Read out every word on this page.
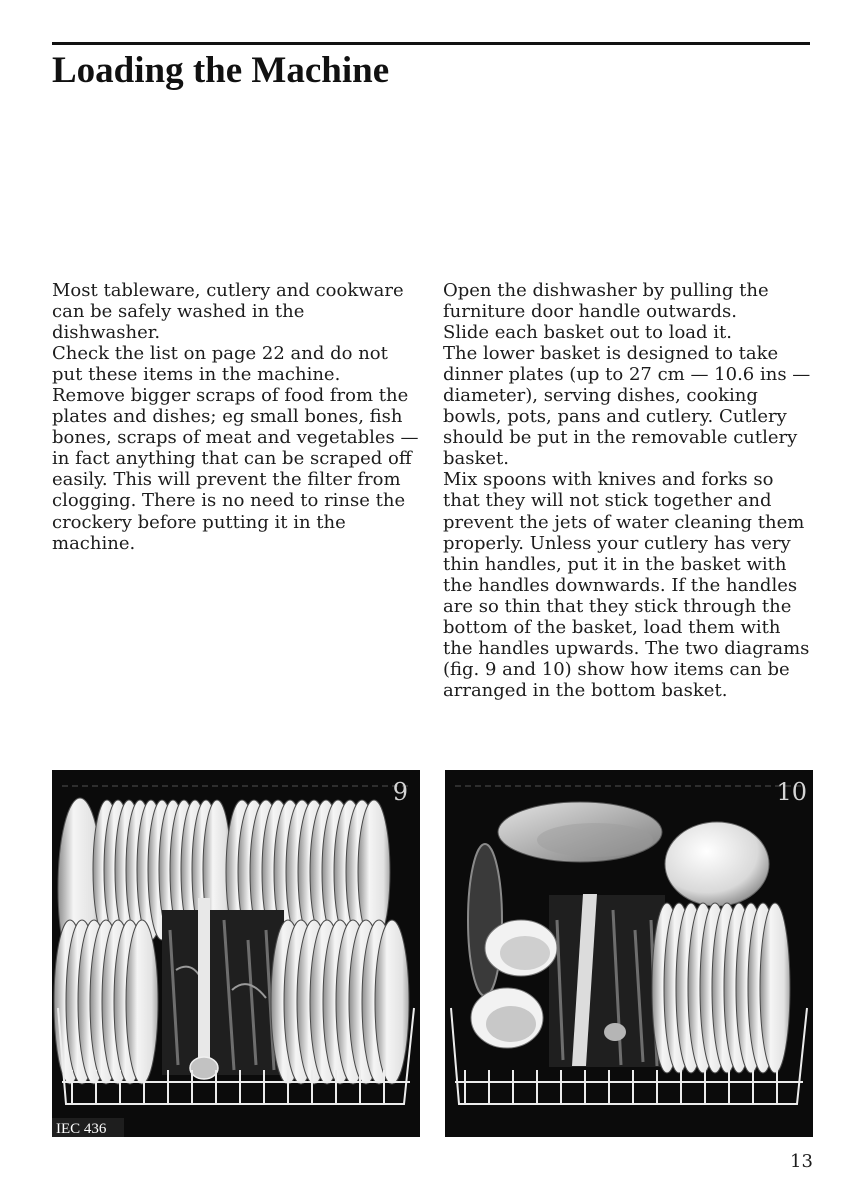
Loading the Machine
Most tableware, cutlery and cookware
can be safely washed in the
dishwasher.
Check the list on page 22 and do not
put these items in the machine.
Remove bigger scraps of food from the
plates and dishes; eg small bones, fish
bones, scraps of meat and vegetables —
in fact anything that can be scraped off
easily. This will prevent the filter from
clogging. There is no need to rinse the
crockery before putting it in the
machine.
Open the dishwasher by pulling the
furniture door handle outwards.
Slide each basket out to load it.
The lower basket is designed to take
dinner plates (up to 27 cm — 10.6 ins —
diameter), serving dishes, cooking
bowls, pots, pans and cutlery. Cutlery
should be put in the removable cutlery
basket.
Mix spoons with knives and forks so
that they will not stick together and
prevent the jets of water cleaning them
properly. Unless your cutlery has very
thin handles, put it in the basket with
the handles downwards. If the handles
are so thin that they stick through the
bottom of the basket, load them with
the handles upwards. The two diagrams
(fig. 9 and 10) show how items can be
arranged in the bottom basket.
9
IEC 436
10
13
